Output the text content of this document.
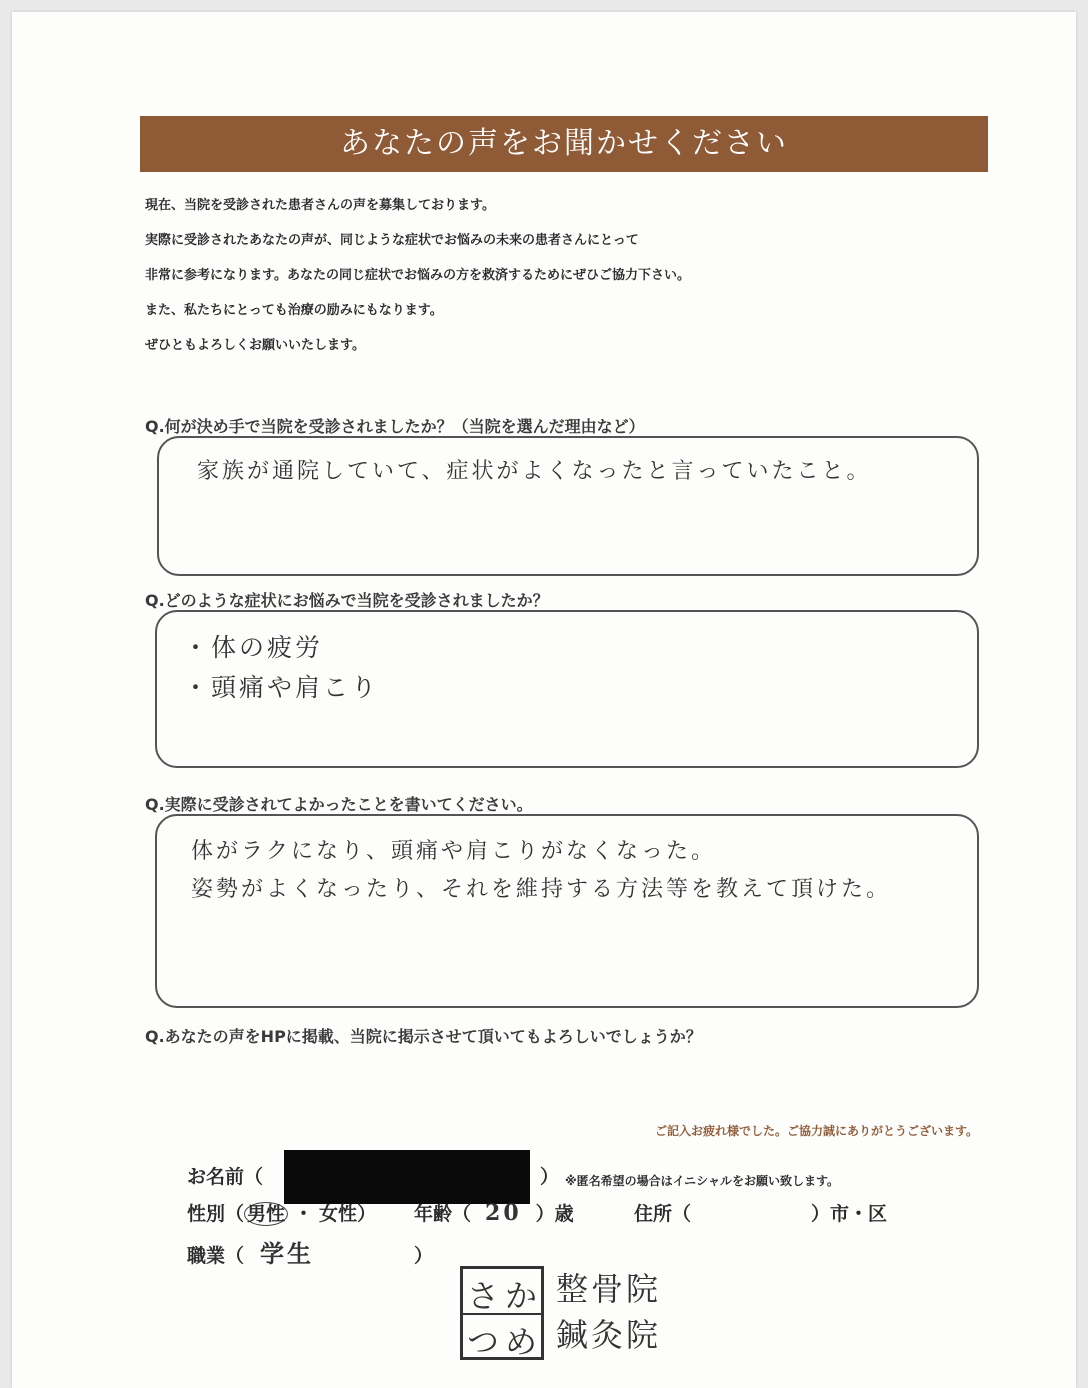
あなたの声をお聞かせください
現在、当院を受診された患者さんの声を募集しております。
実際に受診されたあなたの声が、同じような症状でお悩みの未来の患者さんにとって
非常に参考になります。あなたの同じ症状でお悩みの方を救済するためにぜひご協力下さい。
また、私たちにとっても治療の励みにもなります。
ぜひともよろしくお願いいたします。
Q.何が決め手で当院を受診されましたか？（当院を選んだ理由など）
家族が通院していて、症状がよくなったと言っていたこと。
Q.どのような症状にお悩みで当院を受診されましたか？
・体の疲労
・頭痛や肩こり
Q.実際に受診されてよかったことを書いてください。
体がラクになり、頭痛や肩こりがなくなった。
姿勢がよくなったり、それを維持する方法等を教えて頂けた。
Q.あなたの声をHPに掲載、当院に掲示させて頂いてもよろしいでしょうか？
ご記入お疲れ様でした。ご協力誠にありがとうございます。
お名前（	） ※匿名希望の場合はイニシャルをお願い致します。
性別（ 男性 ・ 女性） 年齢（ 20 ）歳	住所（	）市・区
職業（ 学生	）
さ か
つ め
整骨院
鍼灸院
